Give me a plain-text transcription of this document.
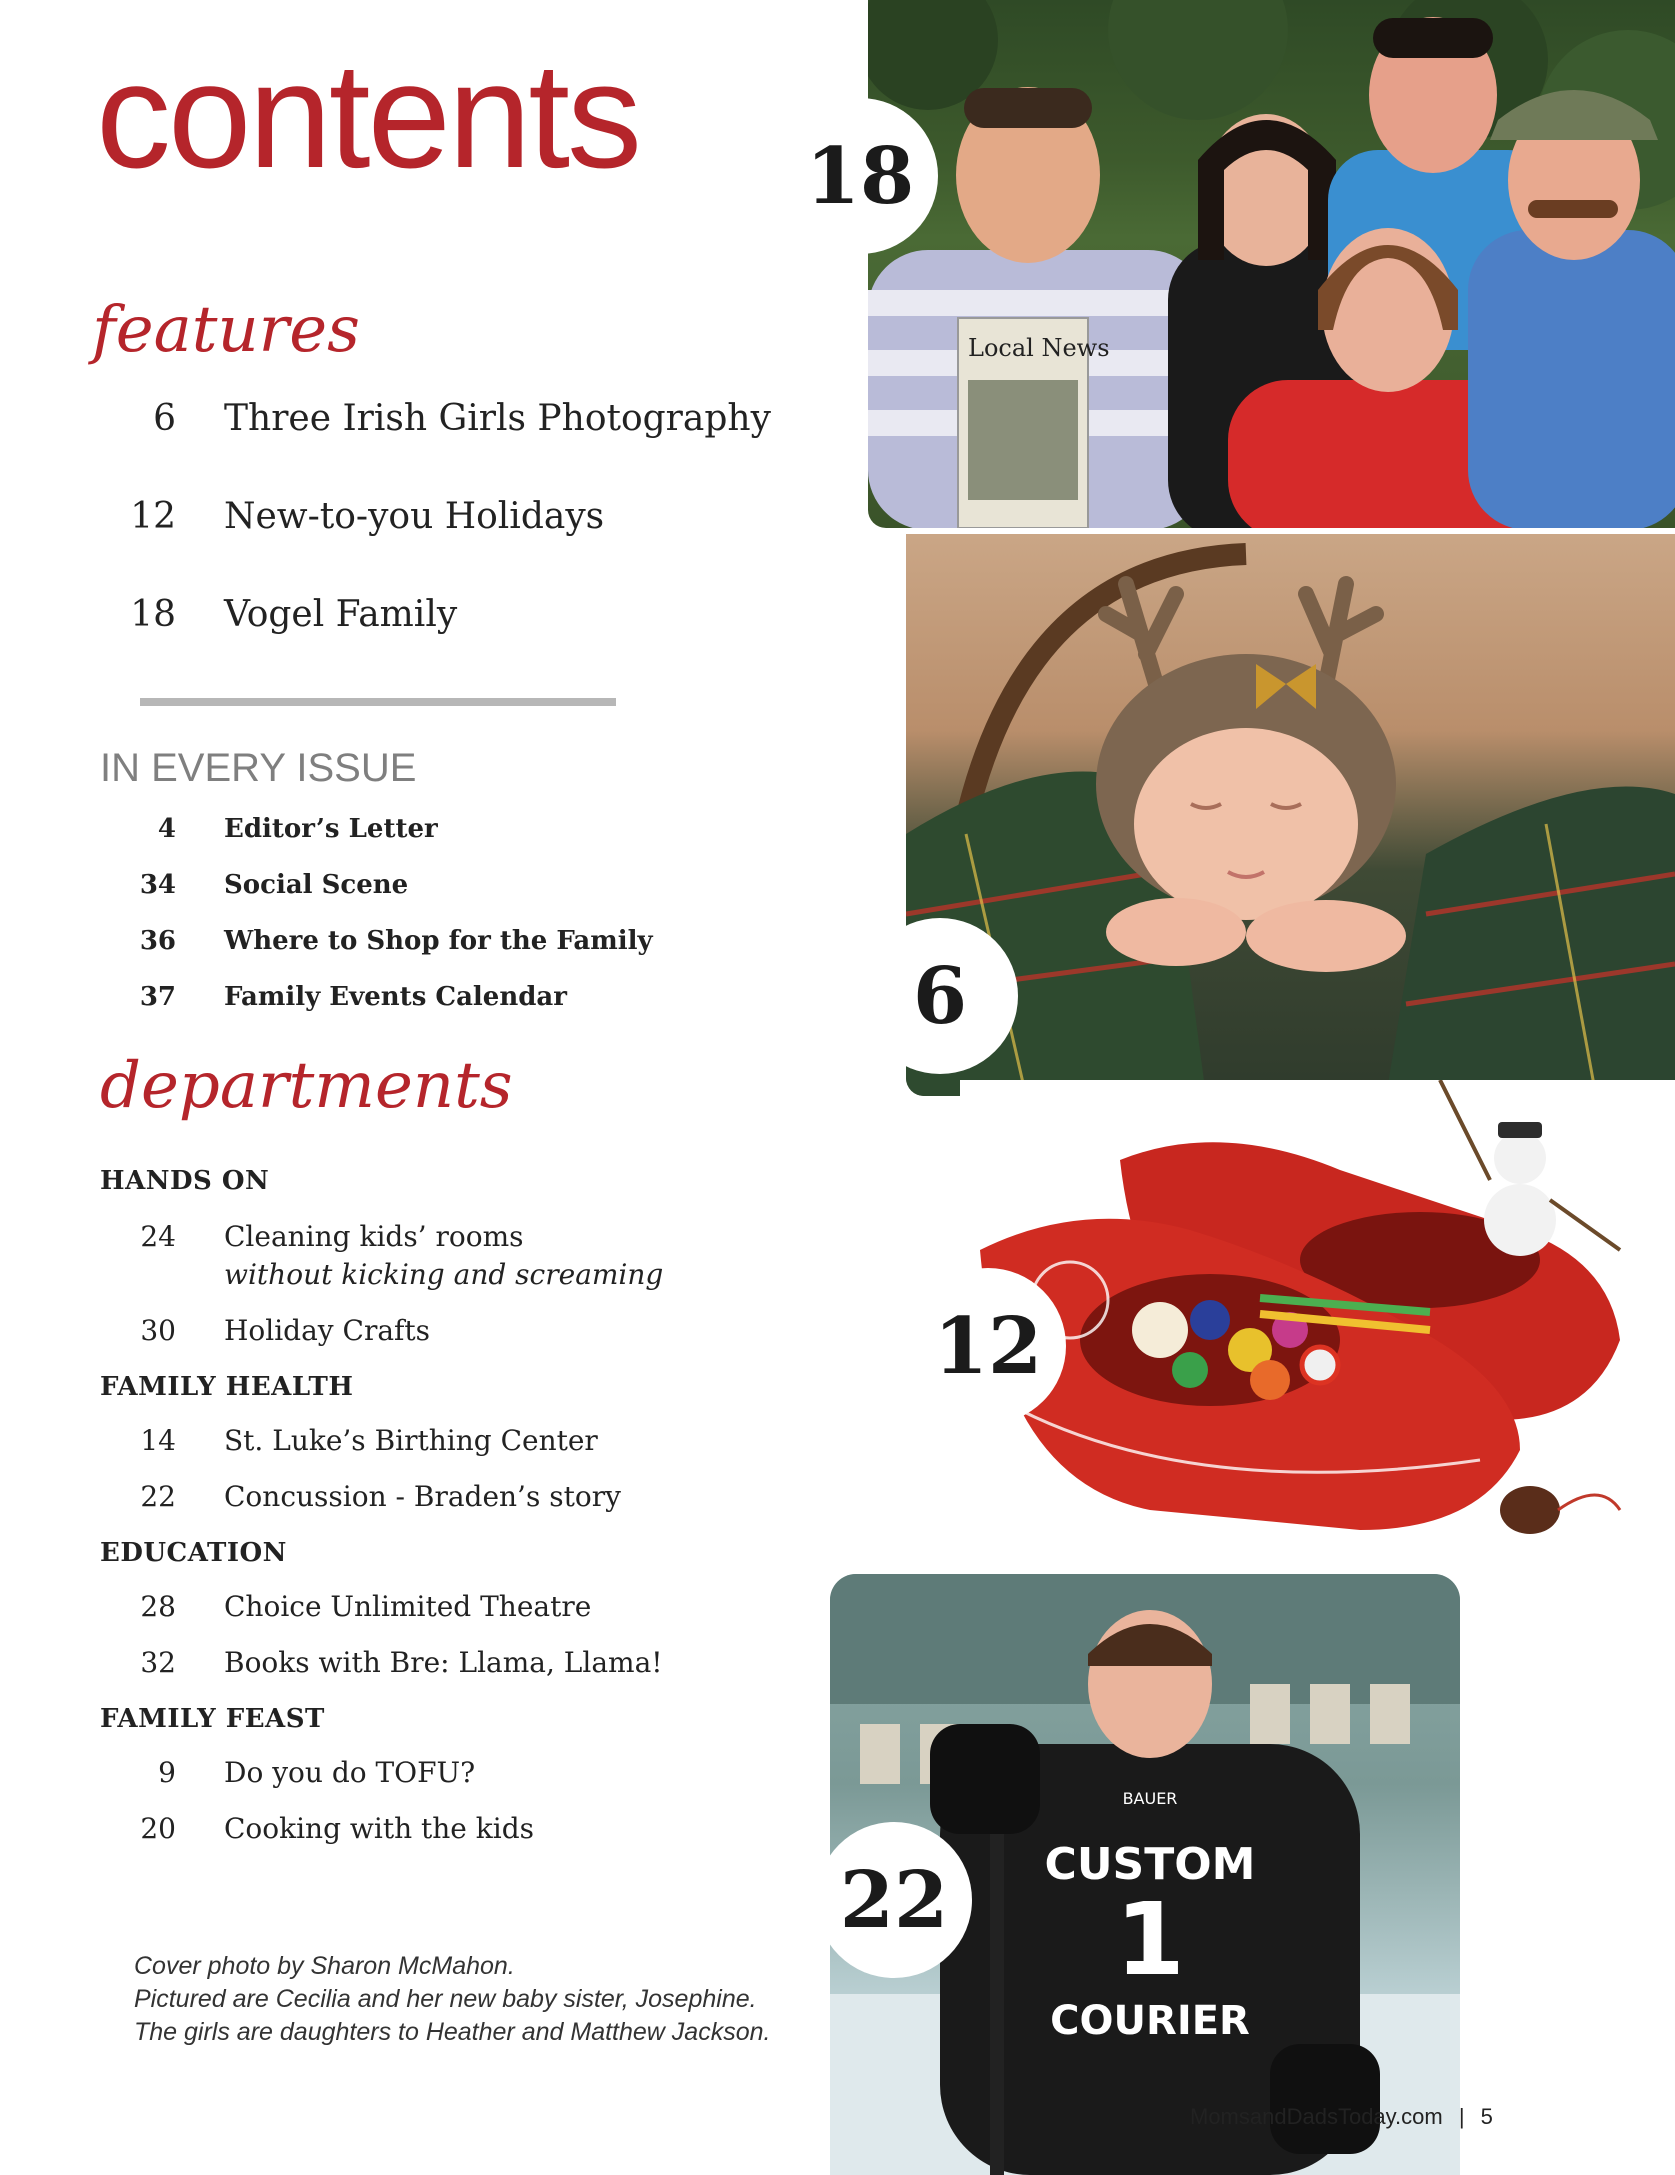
contents
features
6 Three Irish Girls Photography
12 New-to-you Holidays
18 Vogel Family
IN EVERY ISSUE
4 Editor’s Letter
34 Social Scene
36 Where to Shop for the Family
37 Family Events Calendar
departments
HANDS ON
24 Cleaning kids’ rooms
without kicking and screaming
30 Holiday Crafts
FAMILY HEALTH
14 St. Luke’s Birthing Center
22 Concussion - Braden’s story
EDUCATION
28 Choice Unlimited Theatre
32 Books with Bre: Llama, Llama!
FAMILY FEAST
9 Do you do TOFU?
20 Cooking with the kids
Cover photo by Sharon McMahon.
Pictured are Cecilia and her new baby sister, Josephine.
The girls are daughters to Heather and Matthew Jackson.
Local News
18
6
12
CUSTOM
1
COURIER
BAUER
22
MomsandDadsToday.com | 5
